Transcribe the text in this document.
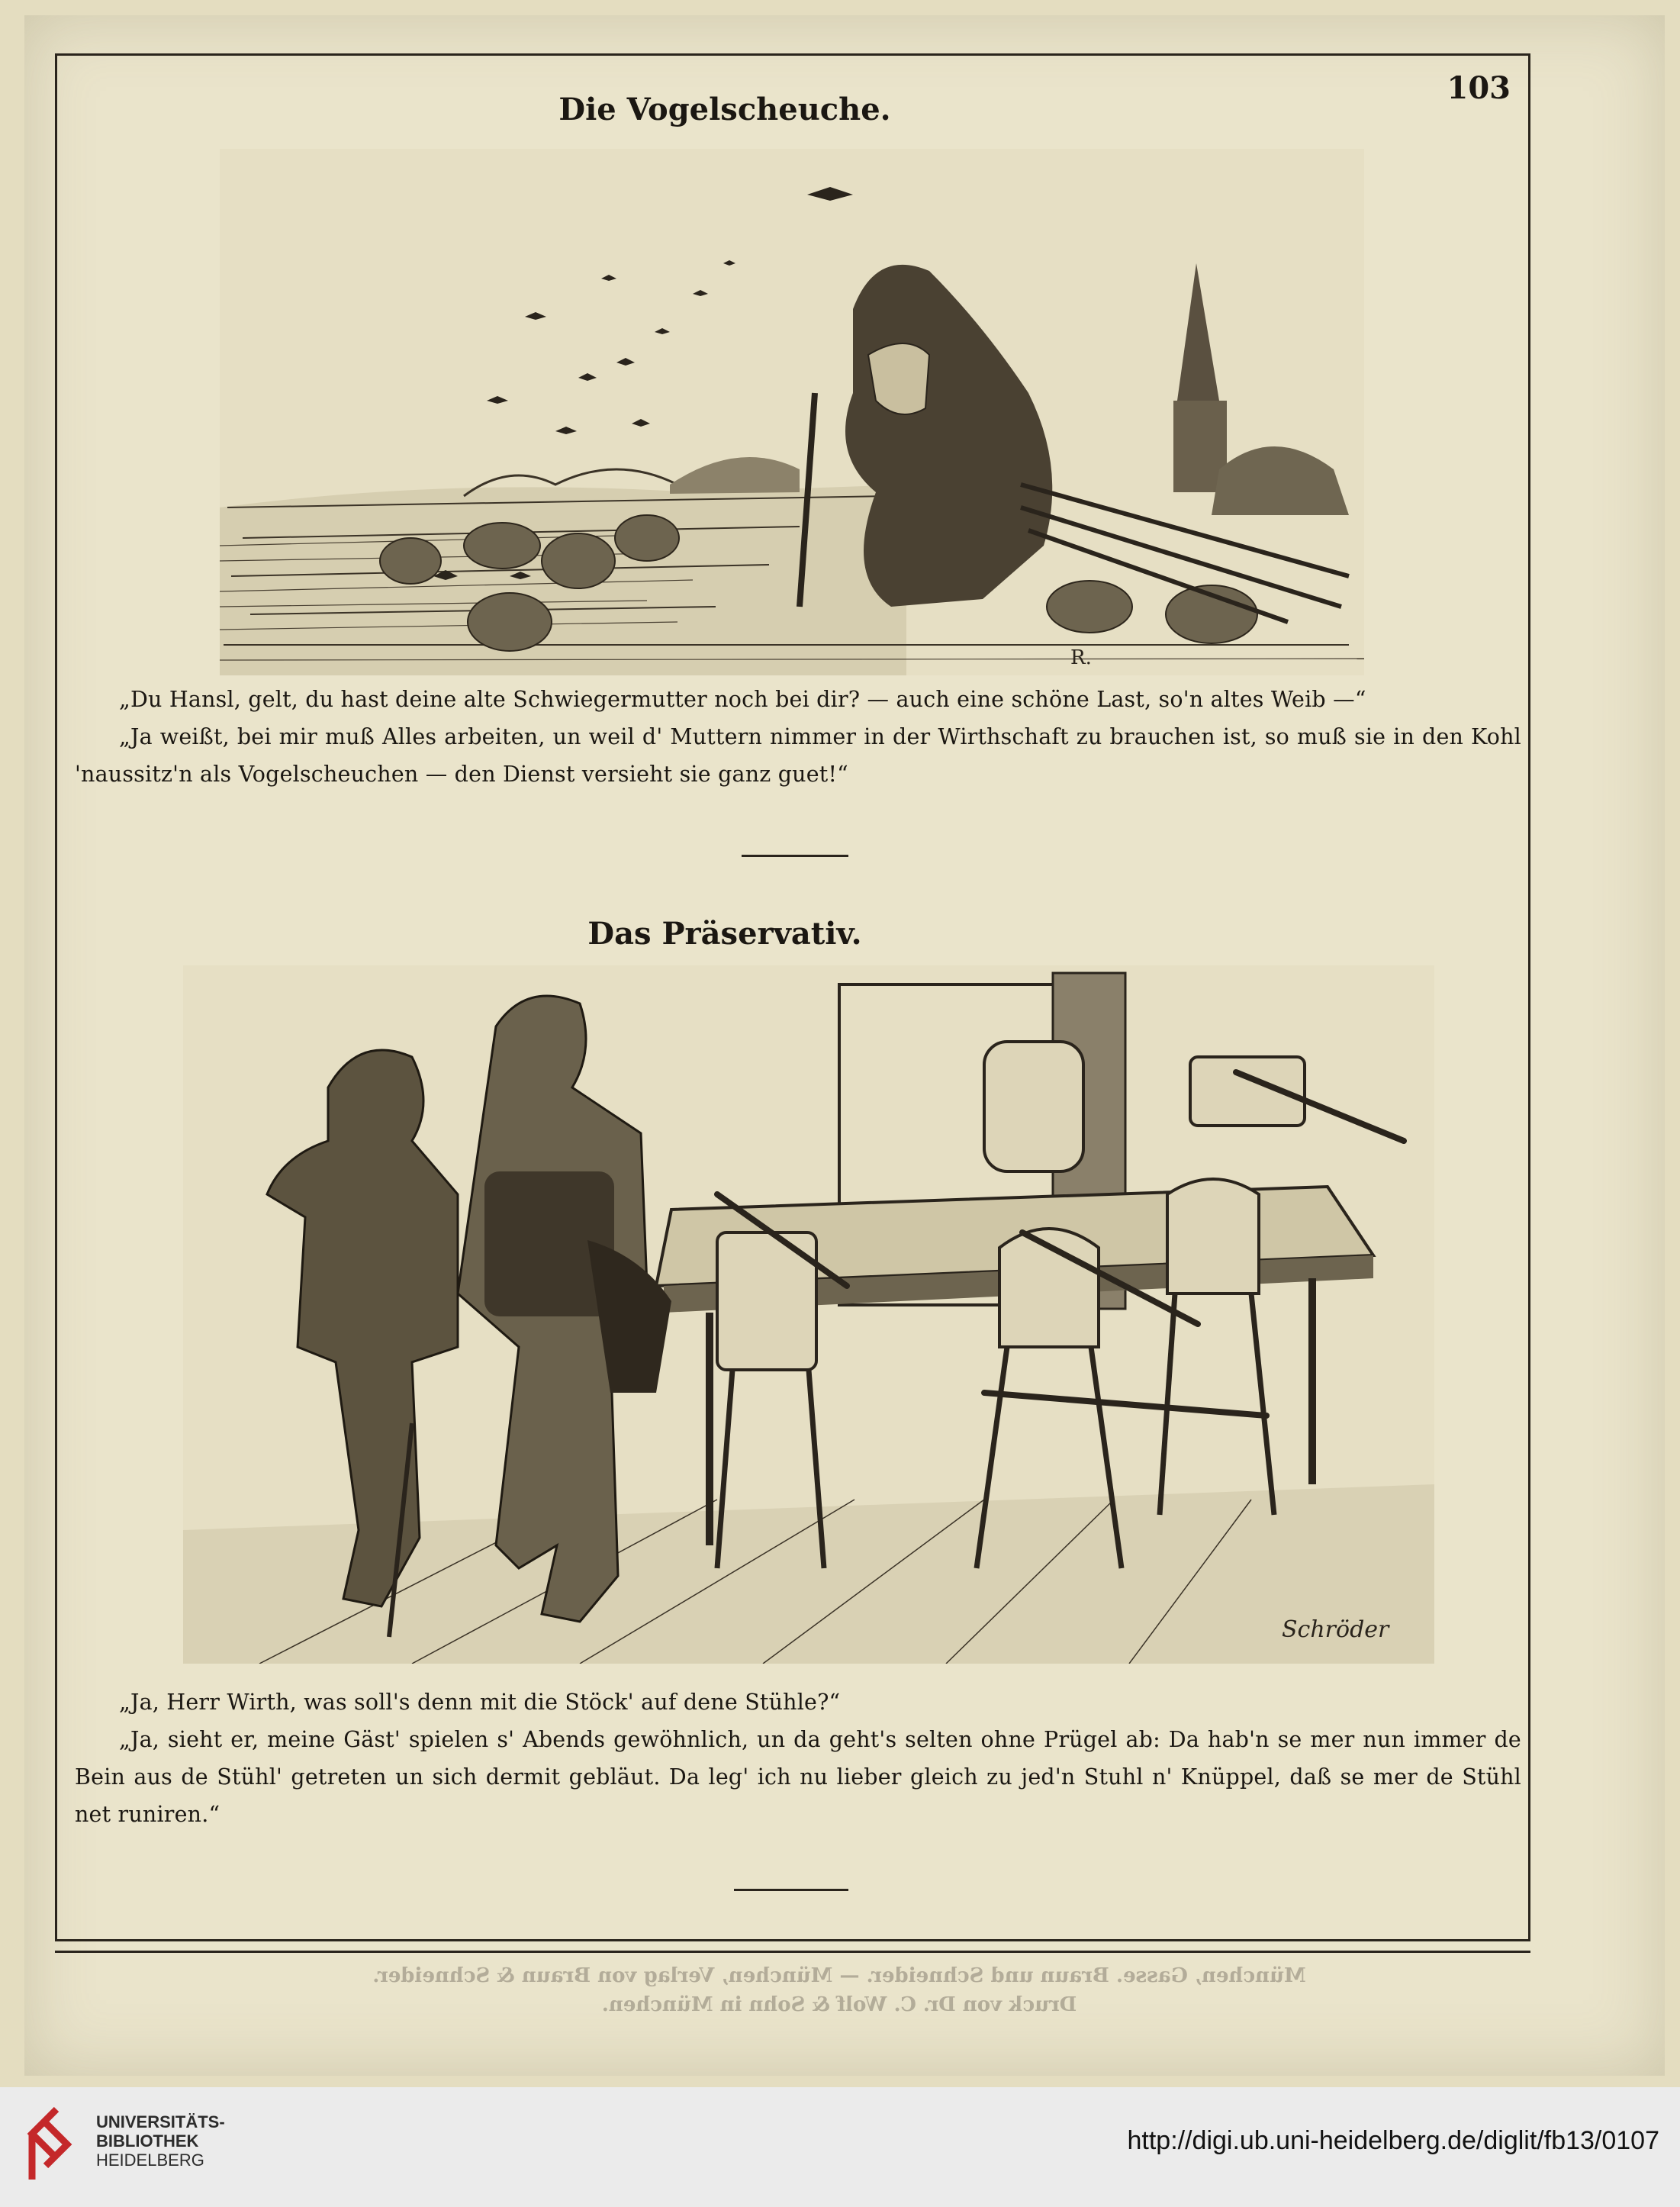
103
Die Vogelscheuche.
R.

„Du Hansl, gelt, du hast deine alte Schwiegermutter noch bei dir? — auch eine schöne Last, so'n altes Weib —“

„Ja weißt, bei mir muß Alles arbeiten, un weil d' Muttern nimmer in der Wirthschaft zu brauchen ist, so muß sie in den Kohl 'naussitz'n als Vogelscheuchen — den Dienst versieht sie ganz guet!“

Das Präservativ.
Schröder

„Ja, Herr Wirth, was soll's denn mit die Stöck' auf dene Stühle?“

„Ja, sieht er, meine Gäst' spielen s' Abends gewöhnlich, un da geht's selten ohne Prügel ab: Da hab'n se mer nun immer de Bein aus de Stühl' getreten un sich dermit gebläut. Da leg' ich nu lieber gleich zu jed'n Stuhl n' Knüppel, daß se mer de Stühl net runiren.“

München, Gasse. Braun und Schneider. — München, Verlag von Braun & Schneider.
Druck von Dr. C. Wolf & Sohn in München.
UNIVERSITÄTS-
BIBLIOTHEK
HEIDELBERG
http://digi.ub.uni-heidelberg.de/diglit/fb13/0107
